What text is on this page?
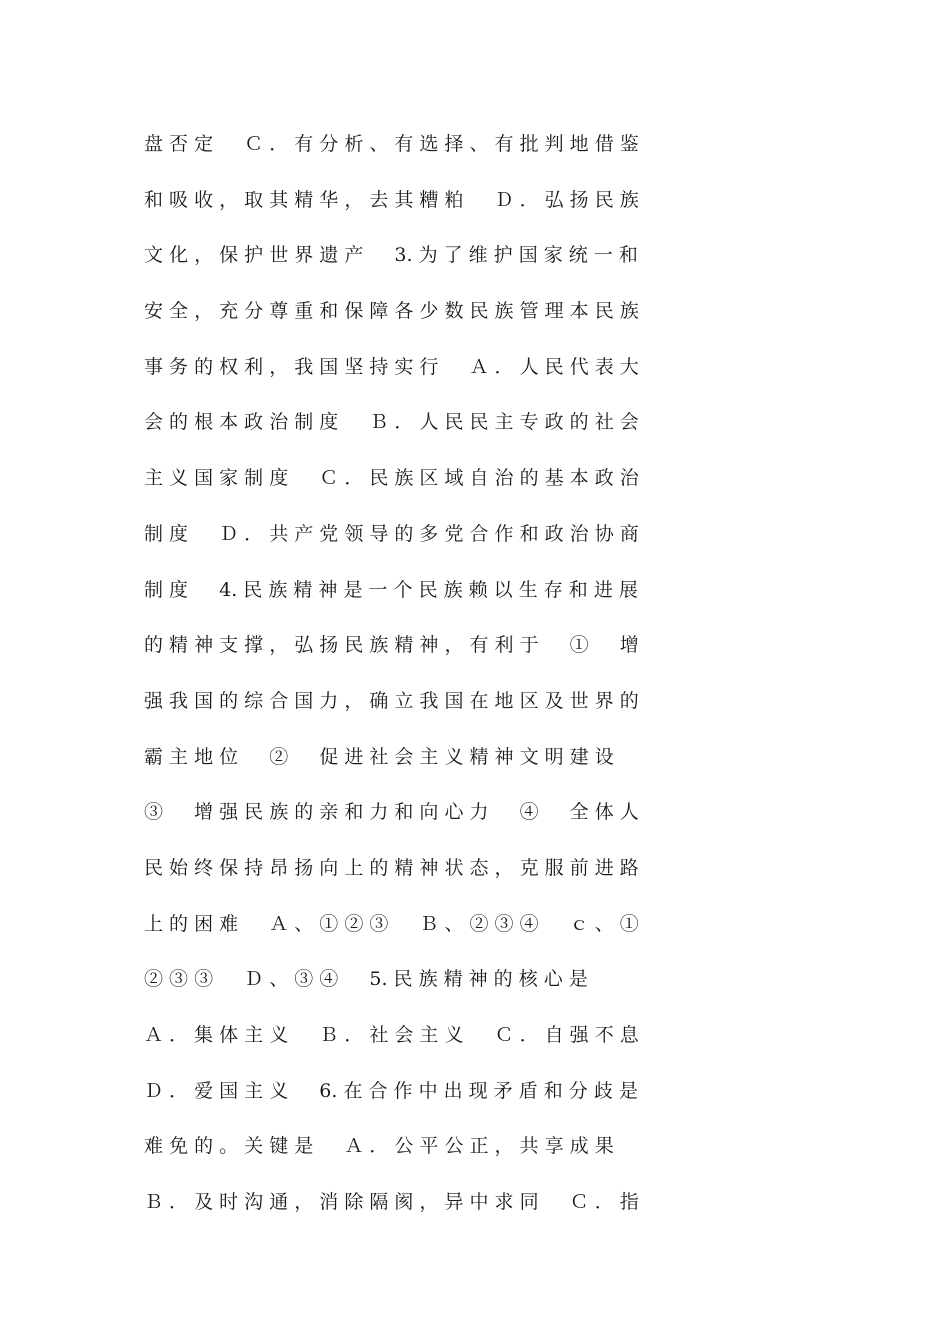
盘 否 定 　 Ｃ ． 有 分 析 、 有 选 择 、 有 批 判 地 借 鉴
和 吸 收 ， 取 其 精 华 ， 去 其 糟 粕 　 Ｄ ． 弘 扬 民 族
文 化 ， 保 护 世 界 遗 产 　 3. 为 了 维 护 国 家 统 一 和
安 全 ， 充 分 尊 重 和 保 障 各 少 数 民 族 管 理 本 民 族
事 务 的 权 利 ， 我 国 坚 持 实 行 　 Ａ ． 人 民 代 表 大
会 的 根 本 政 治 制 度 　 Ｂ ． 人 民 民 主 专 政 的 社 会
主 义 国 家 制 度 　 Ｃ ． 民 族 区 域 自 治 的 基 本 政 治
制 度 　 Ｄ ． 共 产 党 领 导 的 多 党 合 作 和 政 治 协 商
制 度 　 4. 民 族 精 神 是 一 个 民 族 赖 以 生 存 和 进 展
的 精 神 支 撑 ， 弘 扬 民 族 精 神 ， 有 利 于 　 ① 　 增
强 我 国 的 综 合 国 力 ， 确 立 我 国 在 地 区 及 世 界 的
霸 主 地 位 　 ② 　 促 进 社 会 主 义 精 神 文 明 建 设
③ 　 增 强 民 族 的 亲 和 力 和 向 心 力 　 ④ 　 全 体 人
民 始 终 保 持 昂 扬 向 上 的 精 神 状 态 ， 克 服 前 进 路
上 的 困 难 　 Ａ 、 ① ② ③ 　 Ｂ 、 ② ③ ④ 　 ｃ 、 ①
② ③ ③ 　 Ｄ 、 ③ ④ 　 5. 民 族 精 神 的 核 心 是
Ａ ． 集 体 主 义 　 Ｂ ． 社 会 主 义 　 Ｃ ． 自 强 不 息
Ｄ ． 爱 国 主 义 　 6. 在 合 作 中 出 现 矛 盾 和 分 歧 是
难 免 的 。 关 键 是 　 Ａ ． 公 平 公 正 ， 共 享 成 果
Ｂ ． 及 时 沟 通 ， 消 除 隔 阂 ， 异 中 求 同 　 Ｃ ． 指
